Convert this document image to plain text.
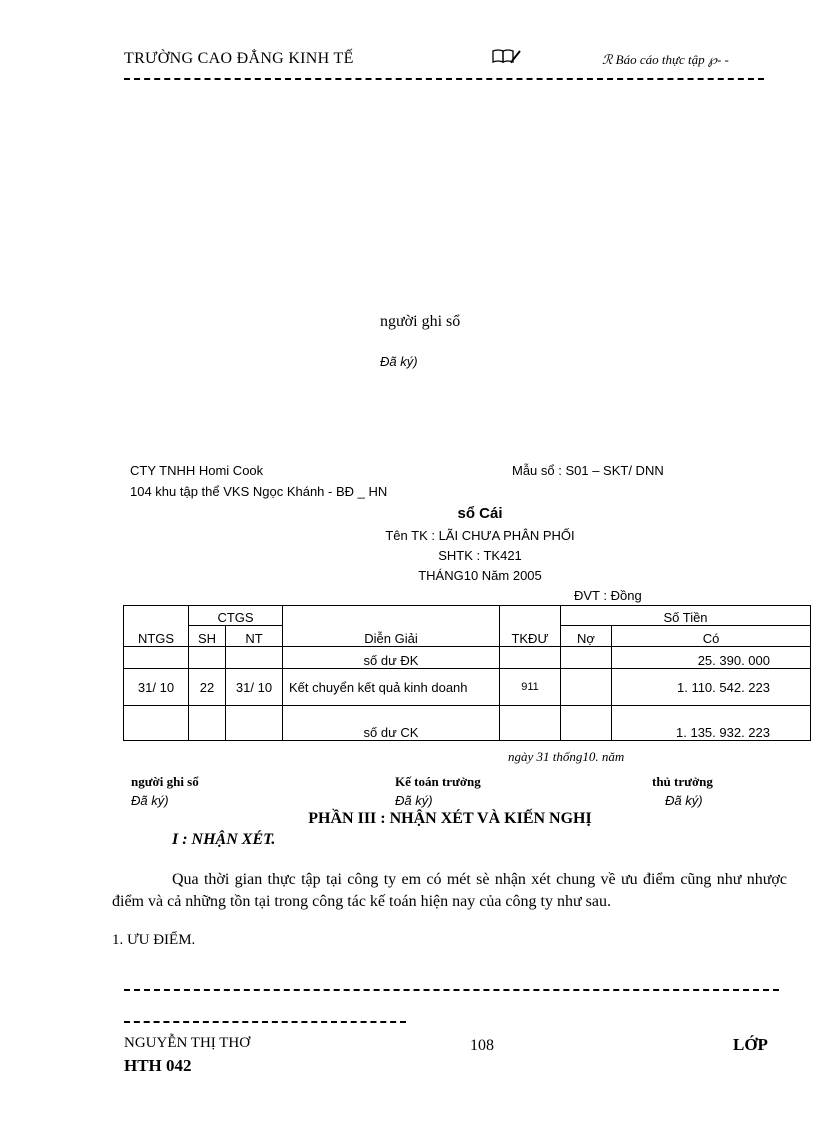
TRƯỜNG CAO ĐẲNG KINH TẾ	ℛ Báo cáo thực tập ℘- -
người ghi sổ
Đã ký)
CTY TNHH Homi Cook
104 khu tập thể VKS Ngọc Khánh - BĐ _ HN
Mẫu sổ : S01 – SKT/ DNN
sổ Cái
Tên TK : LÃI CHƯA PHÂN PHỐI
SHTK : TK421
THÁNG10 Năm 2005
ĐVT : Đồng
NTGS	CTGS		Diễn Giải	TKĐƯ	Số Tiền	
	SH	NT			Nợ	Có
			số dư ĐK			25. 390. 000
31/ 10	22	31/ 10	Kết chuyển kết quả kinh doanh	911		1. 110. 542. 223
			số dư CK			1. 135. 932. 223
ngày 31 thống10. năm
người ghi sổ
Đã ký)
Kế toán trưởng
Đã ký)
thủ trưởng
Đã ký)
PHẦN III : NHẬN XÉT VÀ KIẾN NGHỊ
I : NHẬN XÉT.
Qua thời gian thực tập tại công ty em có mét sè nhận xét chung về ưu điểm cũng như nhược điểm và cả những tồn tại trong công tác kế toán hiện nay của công ty như sau.
1. ƯU ĐIỂM.
NGUYỄN THỊ THƠ	108	LỚP
HTH 042
